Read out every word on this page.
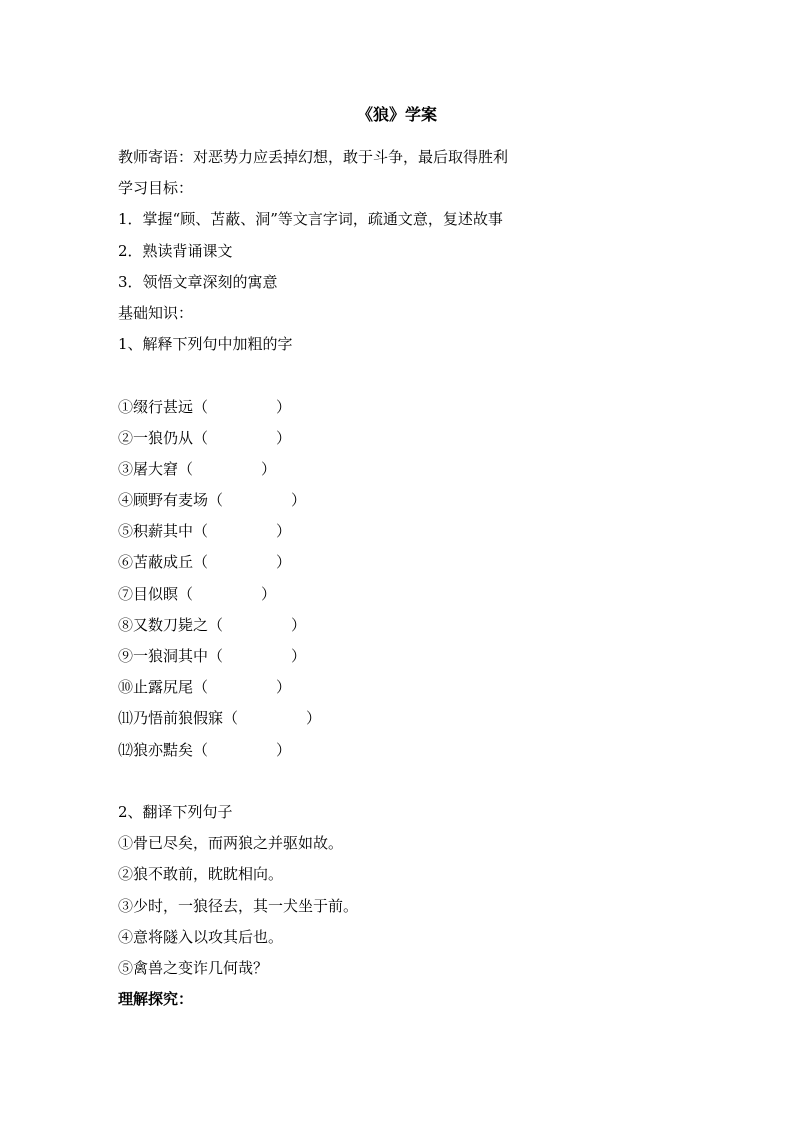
《狼》学案
教师寄语：对恶势力应丢掉幻想，敢于斗争，最后取得胜利
学习目标：
1．掌握“顾、苫蔽、洞”等文言字词，疏通文意，复述故事
2．熟读背诵课文
3．领悟文章深刻的寓意
基础知识：
1、解释下列句中加粗的字
①缀行甚远（	）
②一狼仍从（	）
③屠大窘（	）
④顾野有麦场（	）
⑤积薪其中（	）
⑥苫蔽成丘（	）
⑦目似瞑（	）
⑧又数刀毙之（	）
⑨一狼洞其中（	）
⑩止露尻尾（	）
⑾乃悟前狼假寐（	）
⑿狼亦黠矣（	）
2、翻译下列句子
①骨已尽矣，而两狼之并驱如故。
②狼不敢前，眈眈相向。
③少时，一狼径去，其一犬坐于前。
④意将隧入以攻其后也。
⑤禽兽之变诈几何哉？
理解探究：
